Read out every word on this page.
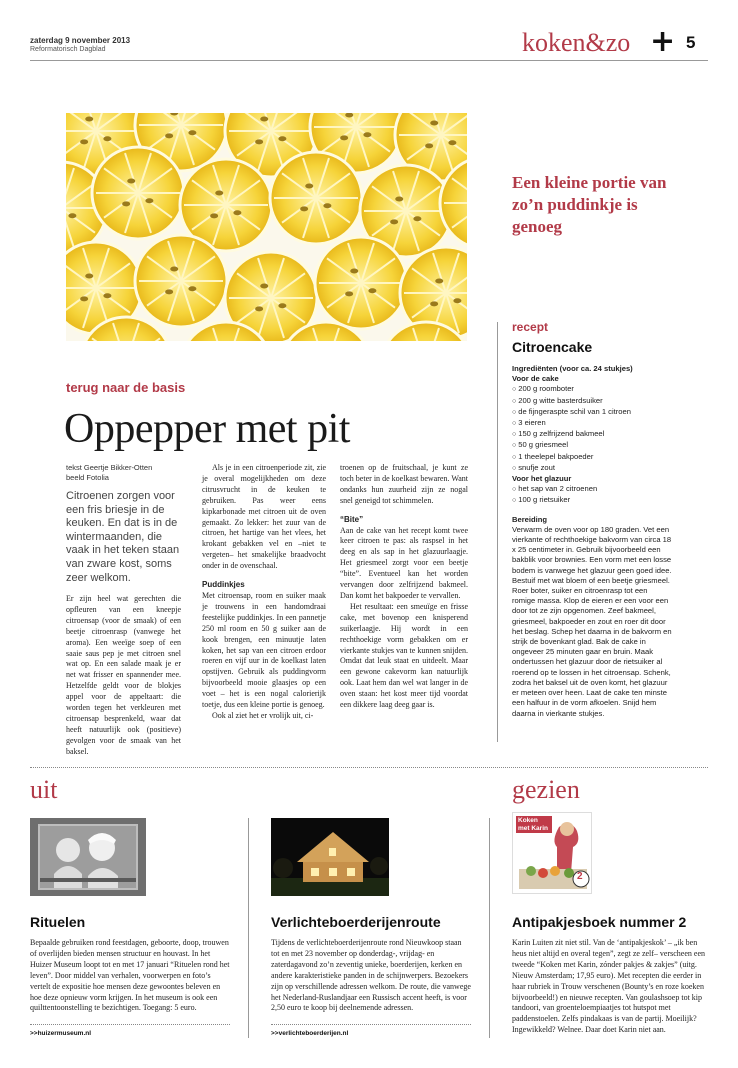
zaterdag 9 november 2013
Reformatorisch Dagblad	koken&zo + 5
Een kleine portie van zo’n puddinkje is genoeg
terug naar de basis
Oppepper met pit
tekst Geertje Bikker-Otten
beeld Fotolia
Citroenen zorgen voor een fris briesje in de keuken. En dat is in de wintermaanden, die vaak in het teken staan van zware kost, soms zeer welkom.

Er zijn heel wat gerechten die opfleuren van een kneepje citroensap (voor de smaak) of een beetje citroenrasp (vanwege het aroma). Een weeïge soep of een saaie saus pep je met citroen snel wat op. En een salade maak je er net wat frisser en spannender mee. Hetzelfde geldt voor de blokjes appel voor de appeltaart: die worden tegen het verkleuren met citroensap besprenkeld, waar dat heeft natuurlijk ook (positieve) gevolgen voor de smaak van het baksel.

Als je in een citroenperiode zit, zie je overal mogelijkheden om deze citrusvrucht in de keuken te gebruiken. Pas weer eens kipkarbonade met citroen uit de oven gemaakt. Zo lekker: het zuur van de citroen, het hartige van het vlees, het krokant gebakken vel en –niet te vergeten– het smakelijke braadvocht onder in de ovenschaal.

Puddinkjes

Met citroensap, room en suiker maak je trouwens in een handomdraai feestelijke puddinkjes. In een pannetje 250 ml room en 50 g suiker aan de kook brengen, een minuutje laten koken, het sap van een citroen erdoor roeren en vijf uur in de koelkast laten opstijven. Gebruik als puddingvorm bijvoorbeeld mooie glaasjes op een voet – het is een nogal calorierijk toetje, dus een kleine portie is genoeg.

Ook al ziet het er vrolijk uit, ci-

troenen op de fruitschaal, je kunt ze toch beter in de koelkast bewaren. Want ondanks hun zuurheid zijn ze nogal snel geneigd tot schimmelen.

“Bite”

Aan de cake van het recept komt twee keer citroen te pas: als raspsel in het deeg en als sap in het glazuurlaagje. Het griesmeel zorgt voor een beetje “bite”. Eventueel kan het worden vervangen door zelfrijzend bakmeel. Dan komt het bakpoeder te vervallen.

Het resultaat: een smeuïge en frisse cake, met bovenop een knisperend suikerlaagje. Hij wordt in een rechthoekige vorm gebakken om er vierkante stukjes van te kunnen snijden. Omdat dat leuk staat en uitdeelt. Maar een gewone cakevorm kan natuurlijk ook. Laat hem dan wel wat langer in de oven staan: het kost meer tijd voordat een dikkere laag deeg gaar is.

recept
Citroencake
Ingrediënten (voor ca. 24 stukjes)
Voor de cake
○ 200 g roomboter
○ 200 g witte basterdsuiker
○ de fijngeraspte schil van 1 citroen
○ 3 eieren
○ 150 g zelfrijzend bakmeel
○ 50 g griesmeel
○ 1 theelepel bakpoeder
○ snufje zout
Voor het glazuur
○ het sap van 2 citroenen
○ 100 g rietsuiker
Bereiding
Verwarm de oven voor op 180 graden. Vet een vierkante of rechthoekige bakvorm van circa 18 x 25 centimeter in. Gebruik bijvoorbeeld een bakblik voor brownies. Een vorm met een losse bodem is vanwege het glazuur geen goed idee. Bestuif met wat bloem of een beetje griesmeel. Roer boter, suiker en citroenrasp tot een romige massa. Klop de eieren er een voor een door tot ze zijn opgenomen. Zeef bakmeel, griesmeel, bakpoeder en zout en roer dit door het beslag. Schep het daarna in de bakvorm en strijk de bovenkant glad. Bak de cake in ongeveer 25 minuten gaar en bruin. Maak ondertussen het glazuur door de rietsuiker al roerend op te lossen in het citroensap. Schenk, zodra het baksel uit de oven komt, het glazuur er meteen over heen. Laat de cake ten minste een halfuur in de vorm afkoelen. Snijd hem daarna in vierkante stukjes.
uit
Rituelen
Bepaalde gebruiken rond feestdagen, geboorte, doop, trouwen of overlijden bieden mensen structuur en houvast. In het Huizer Museum loopt tot en met 17 januari “Rituelen rond het leven”. Door middel van verhalen, voorwerpen en foto’s vertelt de expositie hoe mensen deze gewoontes beleven en hoe deze opnieuw vorm krijgen. In het museum is ook een quilttentoonstelling te bezichtigen. Toegang: 5 euro.
>>huizermuseum.nl
Verlichteboerderijenroute
Tijdens de verlichteboerderijenroute rond Nieuwkoop staan tot en met 23 november op donderdag-, vrijdag- en zaterdagavond zo’n zeventig unieke, boerderijen, kerken en andere karakteristieke panden in de schijnwerpers. Bezoekers zijn op verschillende adressen welkom. De route, die vanwege het Nederland-Ruslandjaar een Russisch accent heeft, is voor 2,50 euro te koop bij deelnemende adressen.
>>verlichteboerderijen.nl
gezien
Koken met Karin
2
Antipakjesboek nummer 2
Karin Luiten zit niet stil. Van de ‘antipakjeskok’ – „ik ben heus niet altijd en overal tegen”, zegt ze zelf– verscheen een tweede “Koken met Karin, zónder pakjes & zakjes” (uitg. Nieuw Amsterdam; 17,95 euro). Met recepten die eerder in haar rubriek in Trouw verschenen (Bounty’s en roze koeken bijvoorbeeld!) en nieuwe recepten. Van goulashsoep tot kip tandoori, van groenteloempiaatjes tot hutspot met paddenstoelen. Zelfs pindakaas is van de partij. Moeilijk? Ingewikkeld? Welnee. Daar doet Karin niet aan.
